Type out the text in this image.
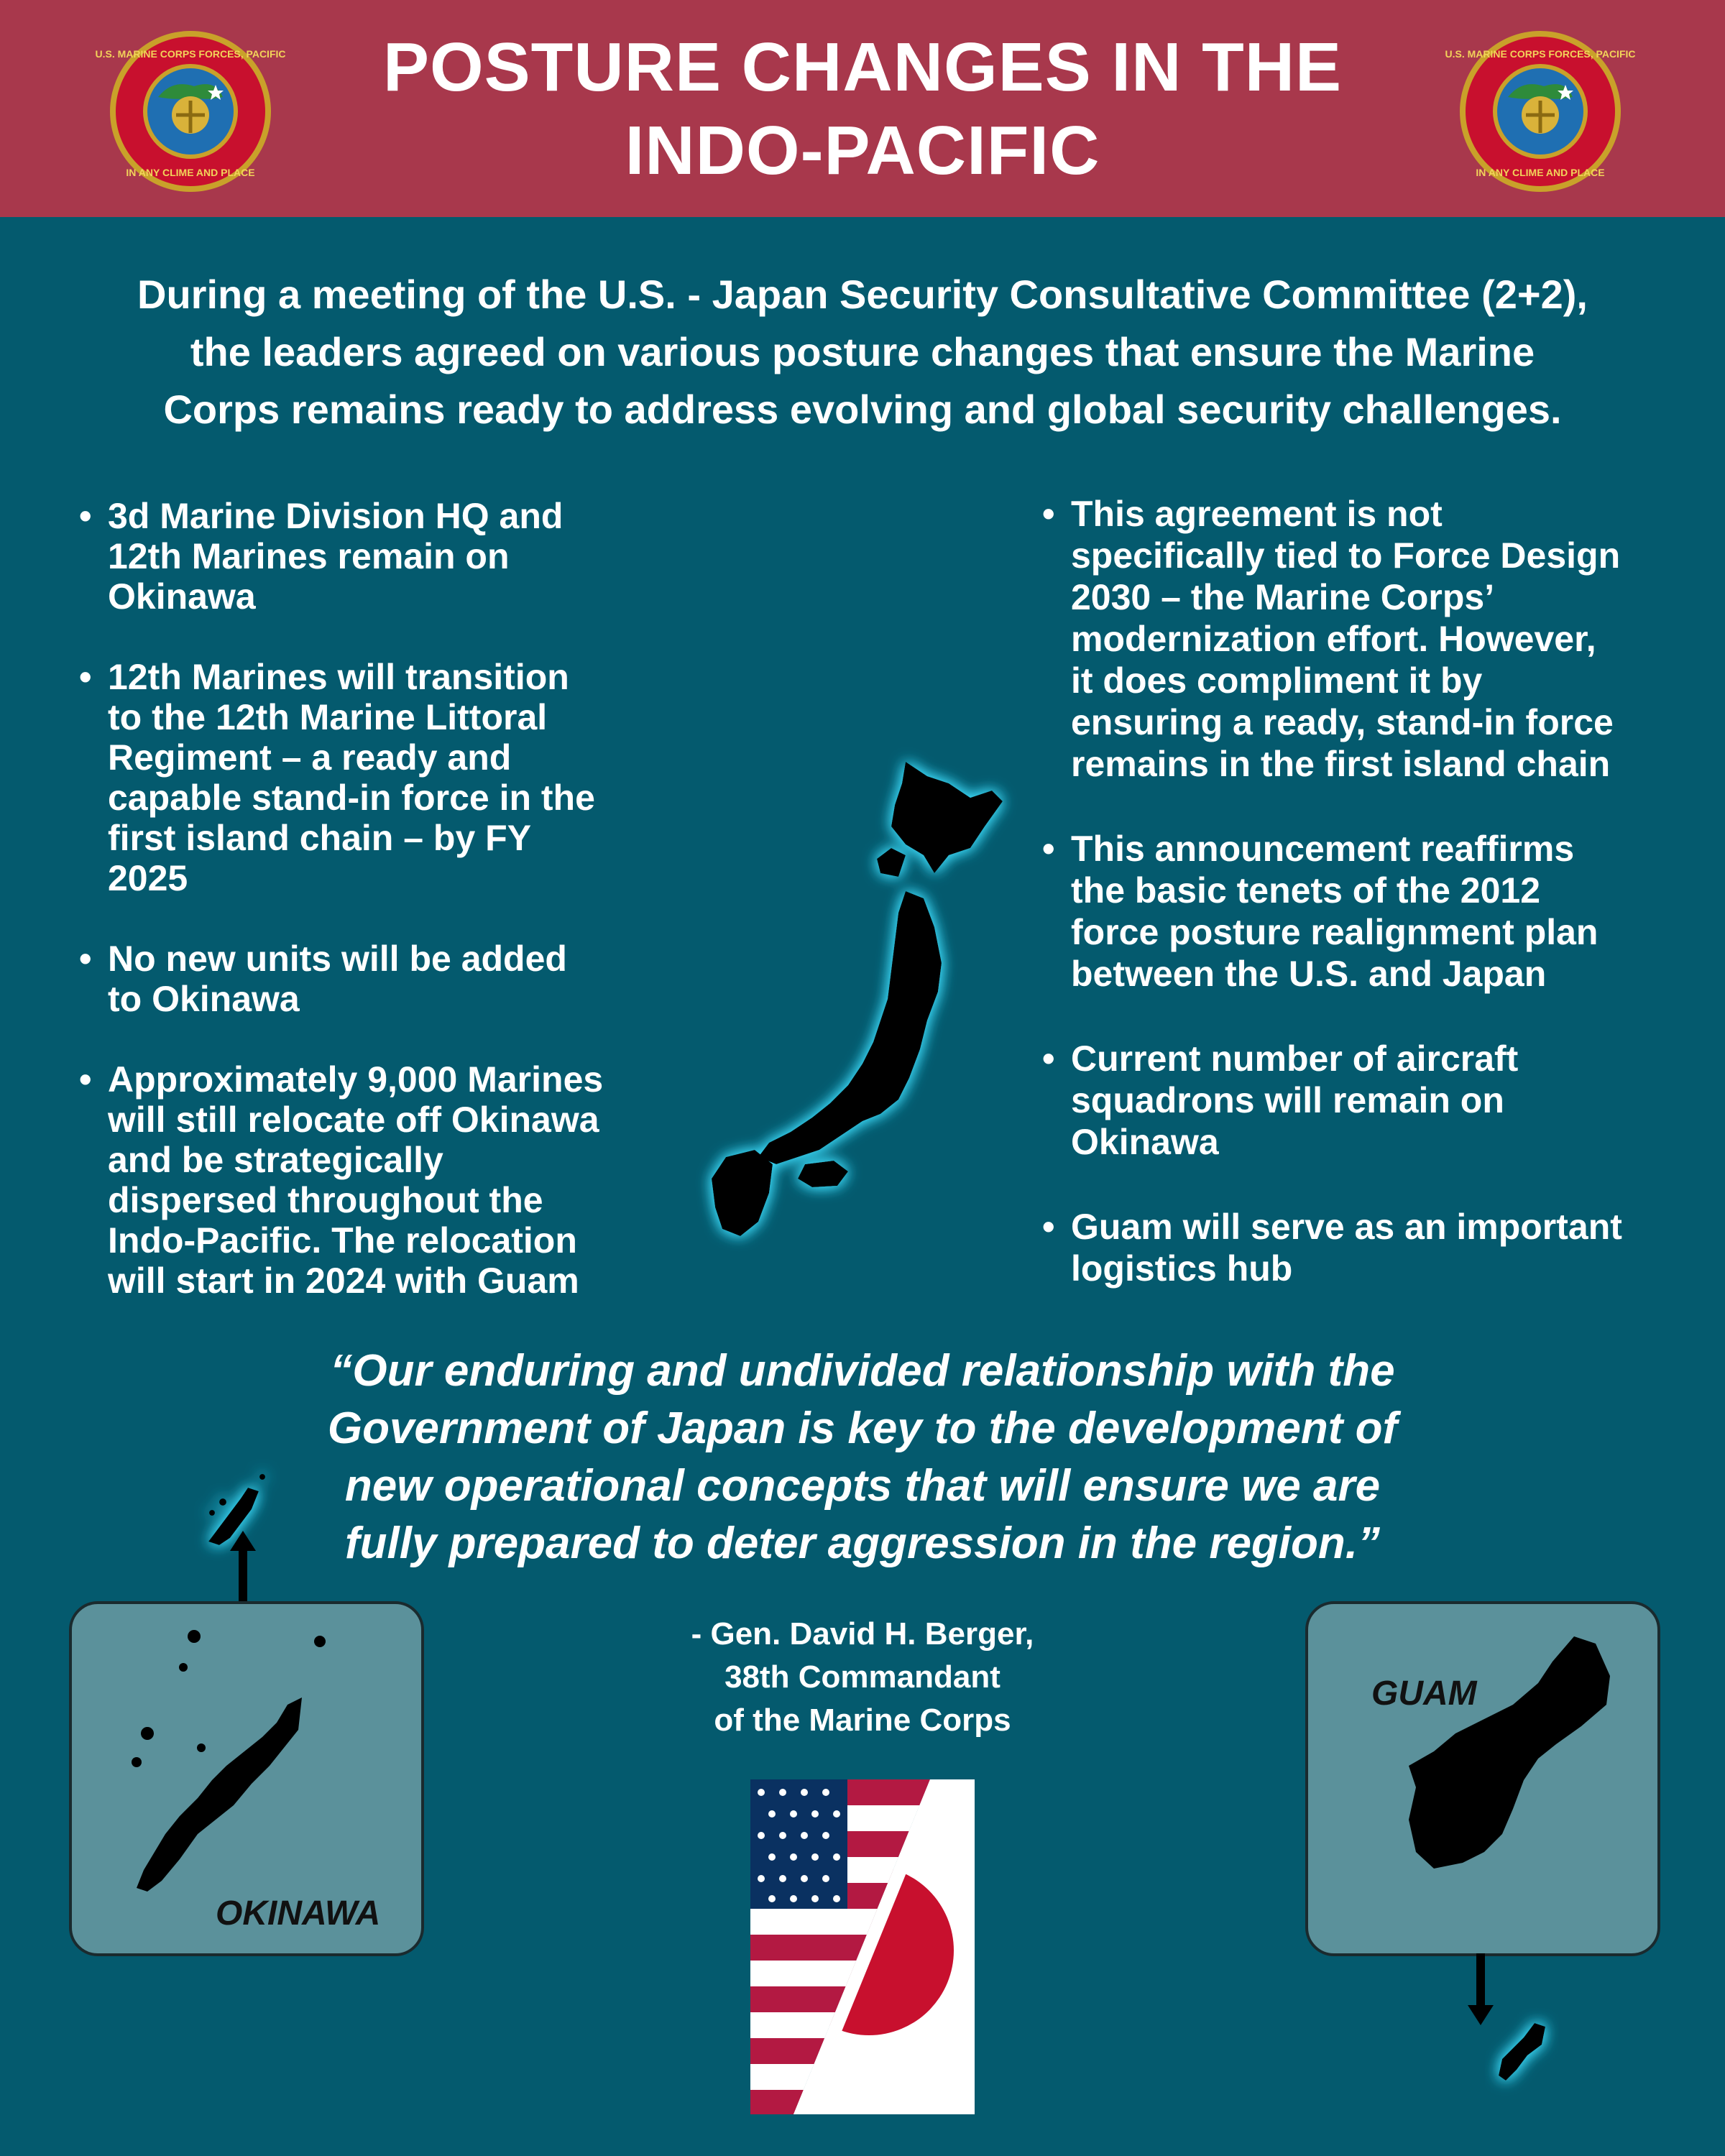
U.S. MARINE CORPS FORCES, PACIFIC
IN ANY CLIME AND PLACE
POSTURE CHANGES IN THE
INDO-PACIFIC
U.S. MARINE CORPS FORCES, PACIFIC
IN ANY CLIME AND PLACE
During a meeting of the U.S. - Japan Security Consultative Committee (2+2),
the leaders agreed on various posture changes that ensure the Marine
Corps remains ready to address evolving and global security challenges.
• 3d Marine Division HQ and
12th Marines remain on
Okinawa
• 12th Marines will transition
to the 12th Marine Littoral
Regiment – a ready and
capable stand-in force in the
first island chain – by FY
2025
• No new units will be added
to Okinawa
• Approximately 9,000 Marines
will still relocate off Okinawa
and be strategically
dispersed throughout the
Indo-Pacific. The relocation
will start in 2024 with Guam
• This agreement is not
specifically tied to Force Design
2030 – the Marine Corps’
modernization effort. However,
it does compliment it by
ensuring a ready, stand-in force
remains in the first island chain
• This announcement reaffirms
the basic tenets of the 2012
force posture realignment plan
between the U.S. and Japan
• Current number of aircraft
squadrons will remain on
Okinawa
• Guam will serve as an important
logistics hub
“Our enduring and undivided relationship with the
Government of Japan is key to the development of
new operational concepts that will ensure we are
fully prepared to deter aggression in the region.”
- Gen. David H. Berger,
38th Commandant
of the Marine Corps
OKINAWA
GUAM
